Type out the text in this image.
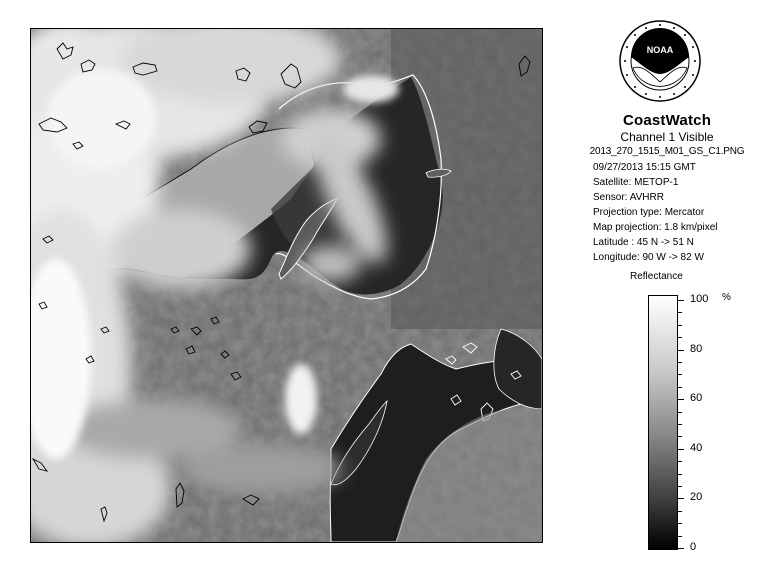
NOAA
CoastWatch
Channel 1 Visible
2013_270_1515_M01_GS_C1.PNG
09/27/2013 15:15 GMT
Satellite: METOP-1
Sensor: AVHRR
Projection type: Mercator
Map projection: 1.8 km/pixel
Latitude : 45 N -> 51 N
Longitude: 90 W -> 82 W
Reflectance
%
100
80
60
40
20
0
